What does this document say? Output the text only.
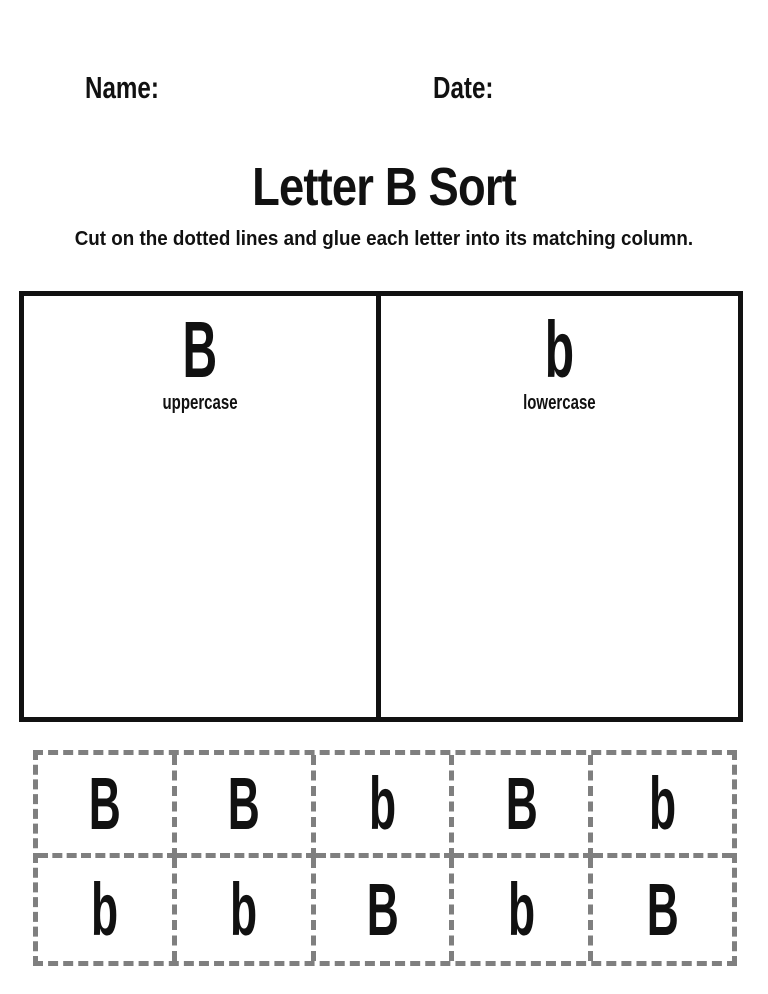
Name:	Date:
Letter B Sort
Cut on the dotted lines and glue each letter into its matching column.
B
uppercase
b
lowercase
B B b B b
b b B b B
